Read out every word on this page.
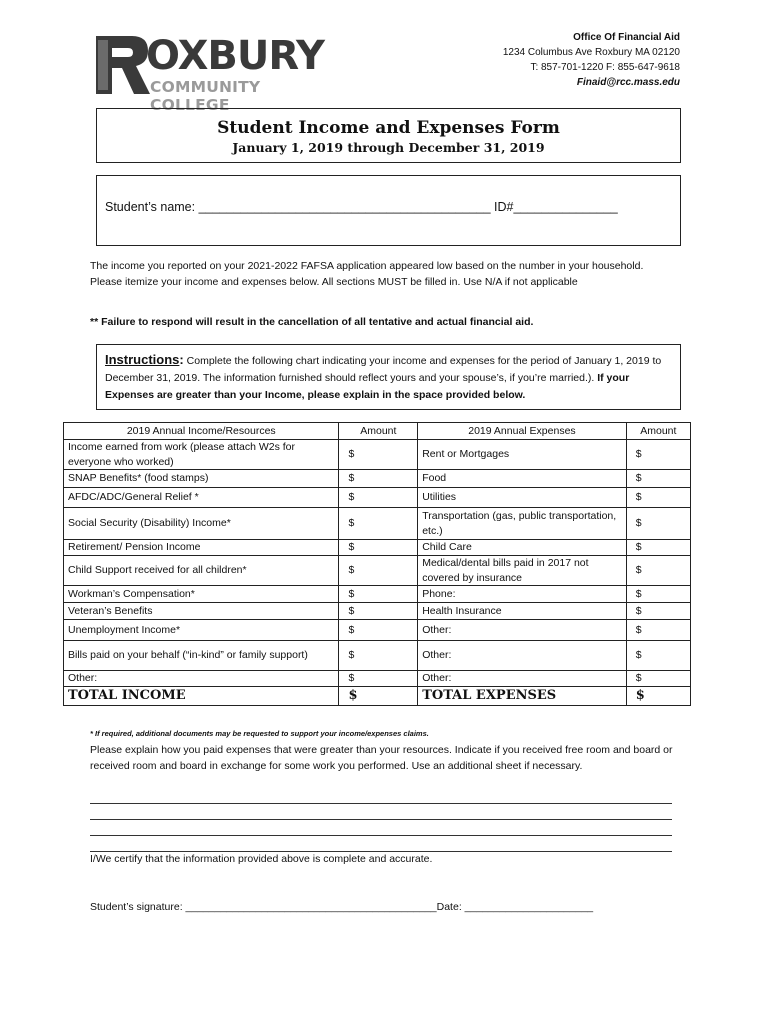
OXBURY
COMMUNITY COLLEGE
Office Of Financial Aid
1234 Columbus Ave Roxbury MA 02120
T: 857-701-1220 F: 855-647-9618
Finaid@rcc.mass.edu
Student Income and Expenses Form
January 1, 2019 through December 31, 2019
Student’s name: __________________________________________ ID#_______________
The income you reported on your 2021-2022 FAFSA application appeared low based on the number in your household. Please itemize your income and expenses below. All sections MUST be filled in. Use N/A if not applicable
** Failure to respond will result in the cancellation of all tentative and actual financial aid.
Instructions: Complete the following chart indicating your income and expenses for the period of January 1, 2019 to December 31, 2019. The information furnished should reflect yours and your spouse’s, if you’re married.). If your Expenses are greater than your Income, please explain in the space provided below.
2019 Annual Income/Resources	Amount	2019 Annual Expenses	Amount
Income earned from work (please attach W2s for everyone who worked)	$	Rent or Mortgages	$
SNAP Benefits* (food stamps)	$	Food	$
AFDC/ADC/General Relief *	$	Utilities	$
Social Security (Disability) Income*	$	Transportation (gas, public transportation, etc.)	$
Retirement/ Pension Income	$	Child Care	$
Child Support received for all children*	$	Medical/dental bills paid in 2017 not covered by insurance	$
Workman’s Compensation*	$	Phone:	$
Veteran’s Benefits	$	Health Insurance	$
Unemployment Income*	$	Other:	$
Bills paid on your behalf (“in-kind” or family support)	$	Other:	$
Other:	$	Other:	$
TOTAL INCOME	$	TOTAL EXPENSES	$
* If required, additional documents may be requested to support your income/expenses claims.
Please explain how you paid expenses that were greater than your resources. Indicate if you received free room and board or received room and board in exchange for some work you performed. Use an additional sheet if necessary.
I/We certify that the information provided above is complete and accurate.
Student’s signature: ___________________________________________Date: ______________________
